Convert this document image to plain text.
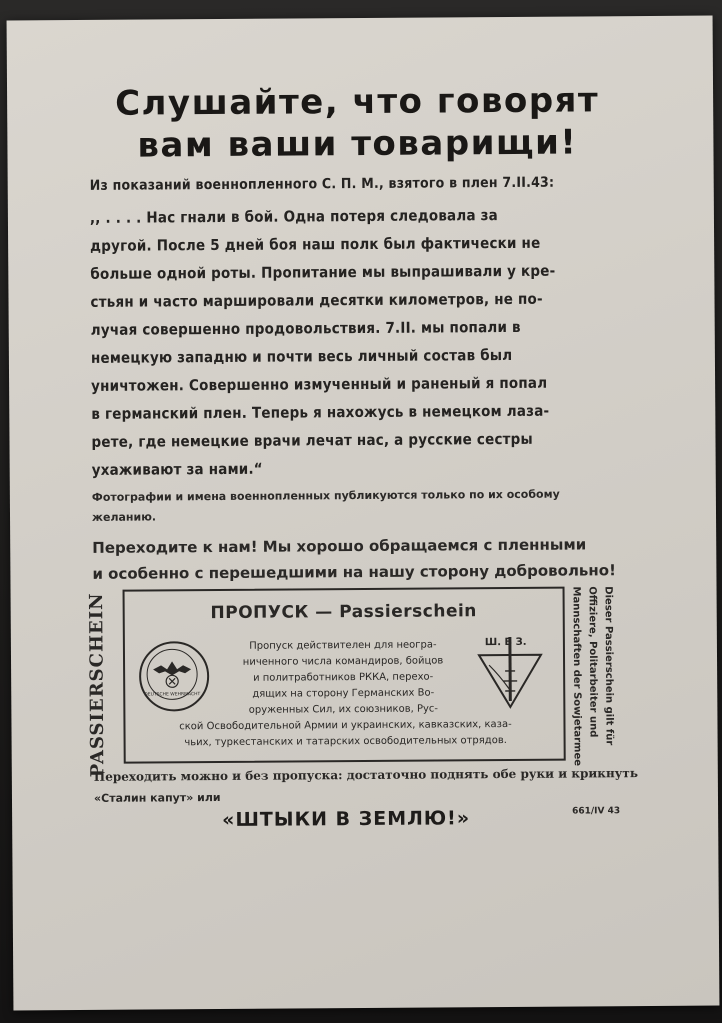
Слушайте, что говорят
вам ваши товарищи!
Из показаний военнопленного С. П. М., взятого в плен 7.II.43:
,, . . . . Нас гнали в бой. Одна потеря следовала за
другой. После 5 дней боя наш полк был фактически не
больше одной роты. Пропитание мы выпрашивали у кре-
стьян и часто маршировали десятки километров, не по-
лучая совершенно продовольствия. 7.II. мы попали в
немецкую западню и почти весь личный состав был
уничтожен. Совершенно измученный и раненый я попал
в германский плен. Теперь я нахожусь в немецком лаза-
рете, где немецкие врачи лечат нас, а русские сестры
ухаживают за нами.“
Фотографии и имена военнопленных публикуются только по их особому
желанию.
Переходите к нам! Мы хорошо обращаемся с пленными
и особенно с перешедшими на нашу сторону добровольно!
PASSIERSCHEIN	ПРОПУСК — Passierschein
DEUTSCHE WEHRMACHT
Пропуск действителен для неогра-
ниченного числа командиров, бойцов
и политработников РККА, перехо-
дящих на сторону Германских Во-
оруженных Сил, их союзников, Рус-
Ш. В З.
ской Освободительной Армии и украинских, кавказских, каза-
чьих, туркестанских и татарских освободительных отрядов.	Dieser Passierschein gilt für
Offiziere, Politarbeiter und
Mannschaften der Sowjetarmee
Переходить можно и без пропуска: достаточно поднять обе руки и крикнуть
«Сталин капут» или
«ШТЫКИ В ЗЕМЛЮ!»	661/IV 43
